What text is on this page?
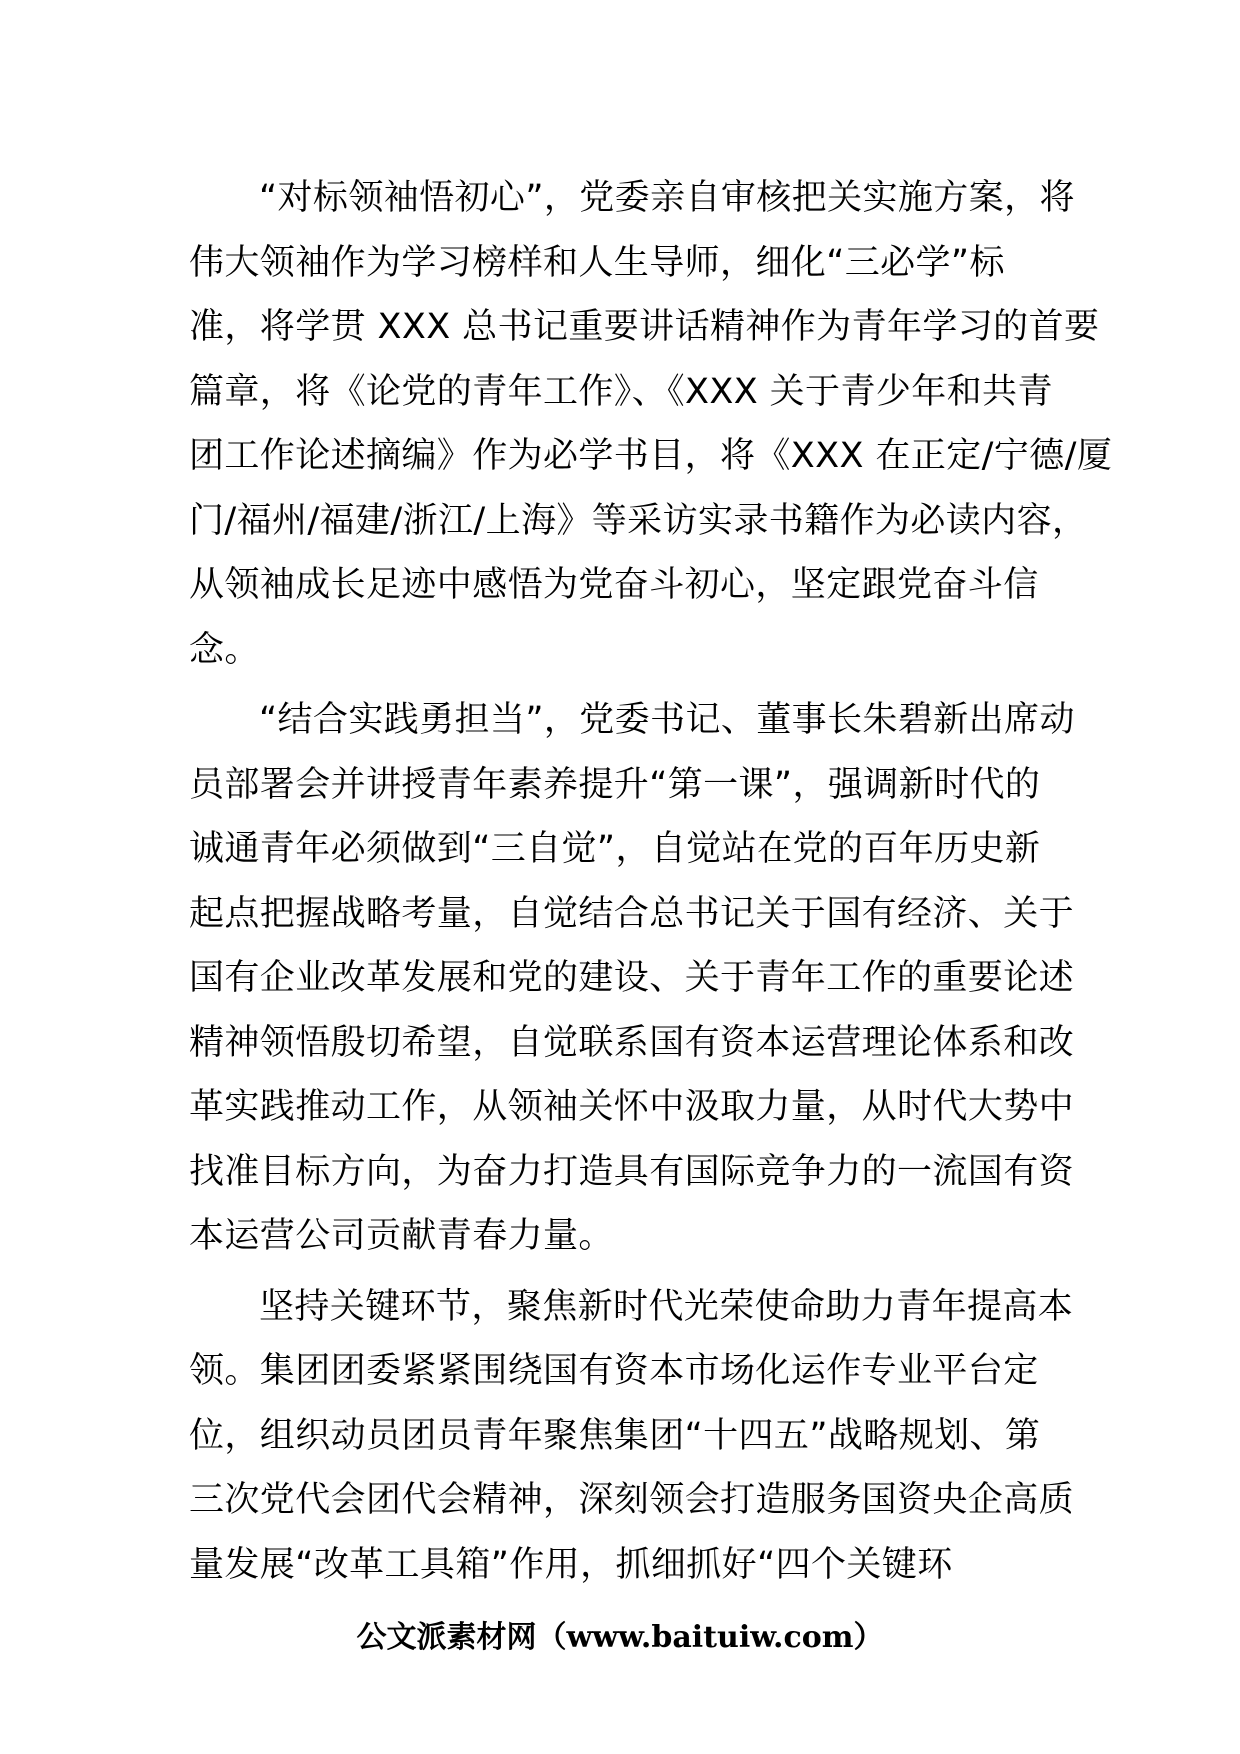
“对标领袖悟初心”，党委亲自审核把关实施方案，将
伟大领袖作为学习榜样和人生导师，细化“三必学”标
准，将学贯 XXX 总书记重要讲话精神作为青年学习的首要
篇章，将《论党的青年工作》、《XXX 关于青少年和共青
团工作论述摘编》作为必学书目，将《XXX 在正定/宁德/厦
门/福州/福建/浙江/上海》等采访实录书籍作为必读内容，
从领袖成长足迹中感悟为党奋斗初心，坚定跟党奋斗信
念。

“结合实践勇担当”，党委书记、董事长朱碧新出席动
员部署会并讲授青年素养提升“第一课”，强调新时代的
诚通青年必须做到“三自觉”，自觉站在党的百年历史新
起点把握战略考量，自觉结合总书记关于国有经济、关于
国有企业改革发展和党的建设、关于青年工作的重要论述
精神领悟殷切希望，自觉联系国有资本运营理论体系和改
革实践推动工作，从领袖关怀中汲取力量，从时代大势中
找准目标方向，为奋力打造具有国际竞争力的一流国有资
本运营公司贡献青春力量。

坚持关键环节，聚焦新时代光荣使命助力青年提高本
领。集团团委紧紧围绕国有资本市场化运作专业平台定
位，组织动员团员青年聚焦集团“十四五”战略规划、第
三次党代会团代会精神，深刻领会打造服务国资央企高质
量发展“改革工具箱”作用，抓细抓好“四个关键环

公文派素材网（www.baituiw.com）
